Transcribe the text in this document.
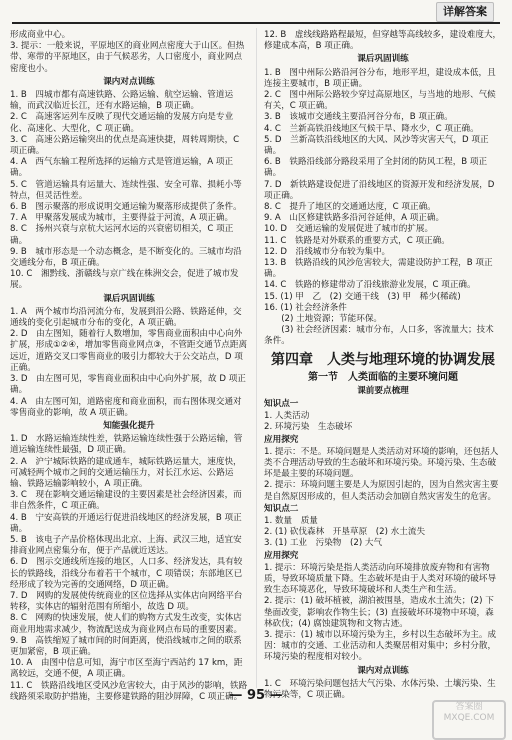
详解答案

形成商业中心。

3. 提示：一般来说，平原地区的商业网点密度大于山区。但热带、寒带的平原地区，由于气候恶劣，人口密度小，商业网点密度也小。

课内对点训练

1. B　四城市都有高速铁路、公路运输、航空运输、管道运输，而武汉临近长江，还有水路运输，B 项正确。

2. C　高速客运列车反映了现代交通运输的发展方向是专业化、高速化、大型化，C 项正确。

3. C　高速公路运输突出的优点是高速快捷，周转周期快，C 项正确。

4. A　西气东输工程所选择的运输方式是管道运输，A 项正确。

5. C　管道运输具有运量大、连续性强、安全可靠、损耗小等特点，但灵活性差。

6. B　图示聚落的形成说明交通运输为聚落形成提供了条件。

7. A　甲聚落发展成为城市，主要得益于河流，A 项正确。

8. C　扬州兴衰与京杭大运河水运的兴衰密切相关，C 项正确。

9. B　城市形态是一个动态概念，是不断变化的。三城市均沿交通线分布，B 项正确。

10. C　湘黔线、浙赣线与京广线在株洲交会，促进了城市发展。

课后巩固训练

1. A　两个城市均沿河流分布，发展到沿公路、铁路延伸，交通线的变化引起城市分布的变化，A 项正确。

2. D　由左图知，随着行人数增加，零售商业面积由中心向外扩展，形成①②④，增加零售商业网点③，不管距交通节点距离远近，道路交叉口零售商业的吸引力都较大于公交站点，D 项正确。

3. D　由左图可见，零售商业面积由中心向外扩展，故 D 项正确。

4. A　由左图可知，道路密度和商业面积，而右图体现交通对零售商业的影响，故 A 项正确。

知能强化提升

1. D　水路运输连续性差，铁路运输连续性强于公路运输，管道运输连续性最强，D 项正确。

2. A　沪宁城际铁路的建成通车，城际铁路运量大，速度快，可减轻两个城市之间的交通运输压力，对长江水运、公路运输、铁路运输影响较小，A 项正确。

3. C　现在影响交通运输建设的主要因素是社会经济因素，而非自然条件，C 项正确。

4. B　宁安高铁的开通运行促进沿线地区的经济发展，B 项正确。

5. B　该电子产品价格体现出北京、上海、武汉三地，适宜安排商业网点密集分布，便于产品就近送达。

6. D　图示交通线所连接的地区，人口多、经济发达，具有较长的铁路线，沿线分布着若干个城市，C 项错误；东部地区已经形成了较为完善的交通网络，D 项正确。

7. D　网购的发展使传统商业的区位选择从实体店向网络平台转移，实体店的辐射范围有所缩小，故选 D 项。

8. C　网购的快速发展，使人们的购物方式发生改变，实体店商业用地需求减少，物流配送成为商业网点布局的重要因素。

9. B　高铁缩短了城市间的时间距离，使沿线城市之间的联系更加紧密，B 项正确。

10. A　由图中信息可知，海宁市区至海宁西站约 17 km，距离较远，交通不便，A 项正确。

11. C　铁路沿线地区受风沙危害较大，由于风沙的影响，铁路线路须采取防护措施，主要修建铁路的阻沙屏障，C 项正确。

12. B　虚线线路路程最短，但穿越等高线较多，建设难度大，修建成本高，B 项正确。

课后巩固训练

1. B　图中州际公路沿河谷分布，地形平坦，建设成本低，且连接主要城市，B 项正确。

2. C　图中州际公路较少穿过高原地区，与当地的地形、气候有关，C 项正确。

3. B　该城市交通线主要沿河谷分布，B 项正确。

4. C　兰新高铁沿线地区气候干旱、降水少，C 项正确。

5. D　兰新高铁沿线地区的大风、风沙等灾害天气，D 项正确。

6. B　铁路沿线部分路段采用了全封闭的防风工程，B 项正确。

7. D　新铁路建设促进了沿线地区的资源开发和经济发展，D 项正确。

8. C　提升了地区的交通通达度，C 项正确。

9. A　山区修建铁路多沿河谷延伸，A 项正确。

10. D　交通运输的发展促进了城市的扩展。

11. C　铁路是对外联系的重要方式，C 项正确。

12. D　沿线城市分布较为集中。

13. B　铁路沿线的风沙危害较大，需建设防护工程，B 项正确。

14. C　铁路的修建带动了沿线旅游业发展，C 项正确。

15. (1) 甲　乙　(2) 交通干线　(3) 甲　稀少(稀疏)

16. (1) 社会经济条件

　　(2) 土地资源；节能环保。

　　(3) 社会经济因素：城市分布，人口多，客流量大；技术条件。

第四章　人类与地理环境的协调发展
第一节　人类面临的主要环境问题
课前要点梳理
知识点一

1. 人类活动

2. 环境污染　生态破坏

应用探究

1. 提示：不是。环境问题是人类活动对环境的影响，还包括人类不合理活动导致的生态破坏和环境污染。环境污染、生态破坏是最主要的环境问题。

2. 提示：环境问题主要是人为原因引起的，因为自然灾害主要是自然原因形成的，但人类活动会加剧自然灾害发生的危害。

知识点二

1. 数量　质量

2. (1) 砍伐森林　开垦草原　(2) 水土流失

3. (1) 工业　污染物　(2) 大气

应用探究

1. 提示：环境污染是指人类活动向环境排放废弃物和有害物质，导致环境质量下降。生态破坏是由于人类对环境的破坏导致生态环境恶化，导致环境破坏和人类生产和生活。

2. 提示：(1) 破坏植被，湖泊被围垦，造成水土流失；(2) 下垫面改变，影响农作物生长；(3) 直接破坏环境物中环境，森林砍伐；(4) 腐蚀建筑物和文物古迹。

3. 提示：(1) 城市以环境污染为主，乡村以生态破坏为主。成因：城市的交通、工业活动和人类聚居相对集中；乡村分散，环境污染的程度相对较小。

课内对点训练

1. C　环境污染问题包括大气污染、水体污染、土壤污染、生物污染等，C 项正确。

— 95 —
答案圈 MXQE.COM
